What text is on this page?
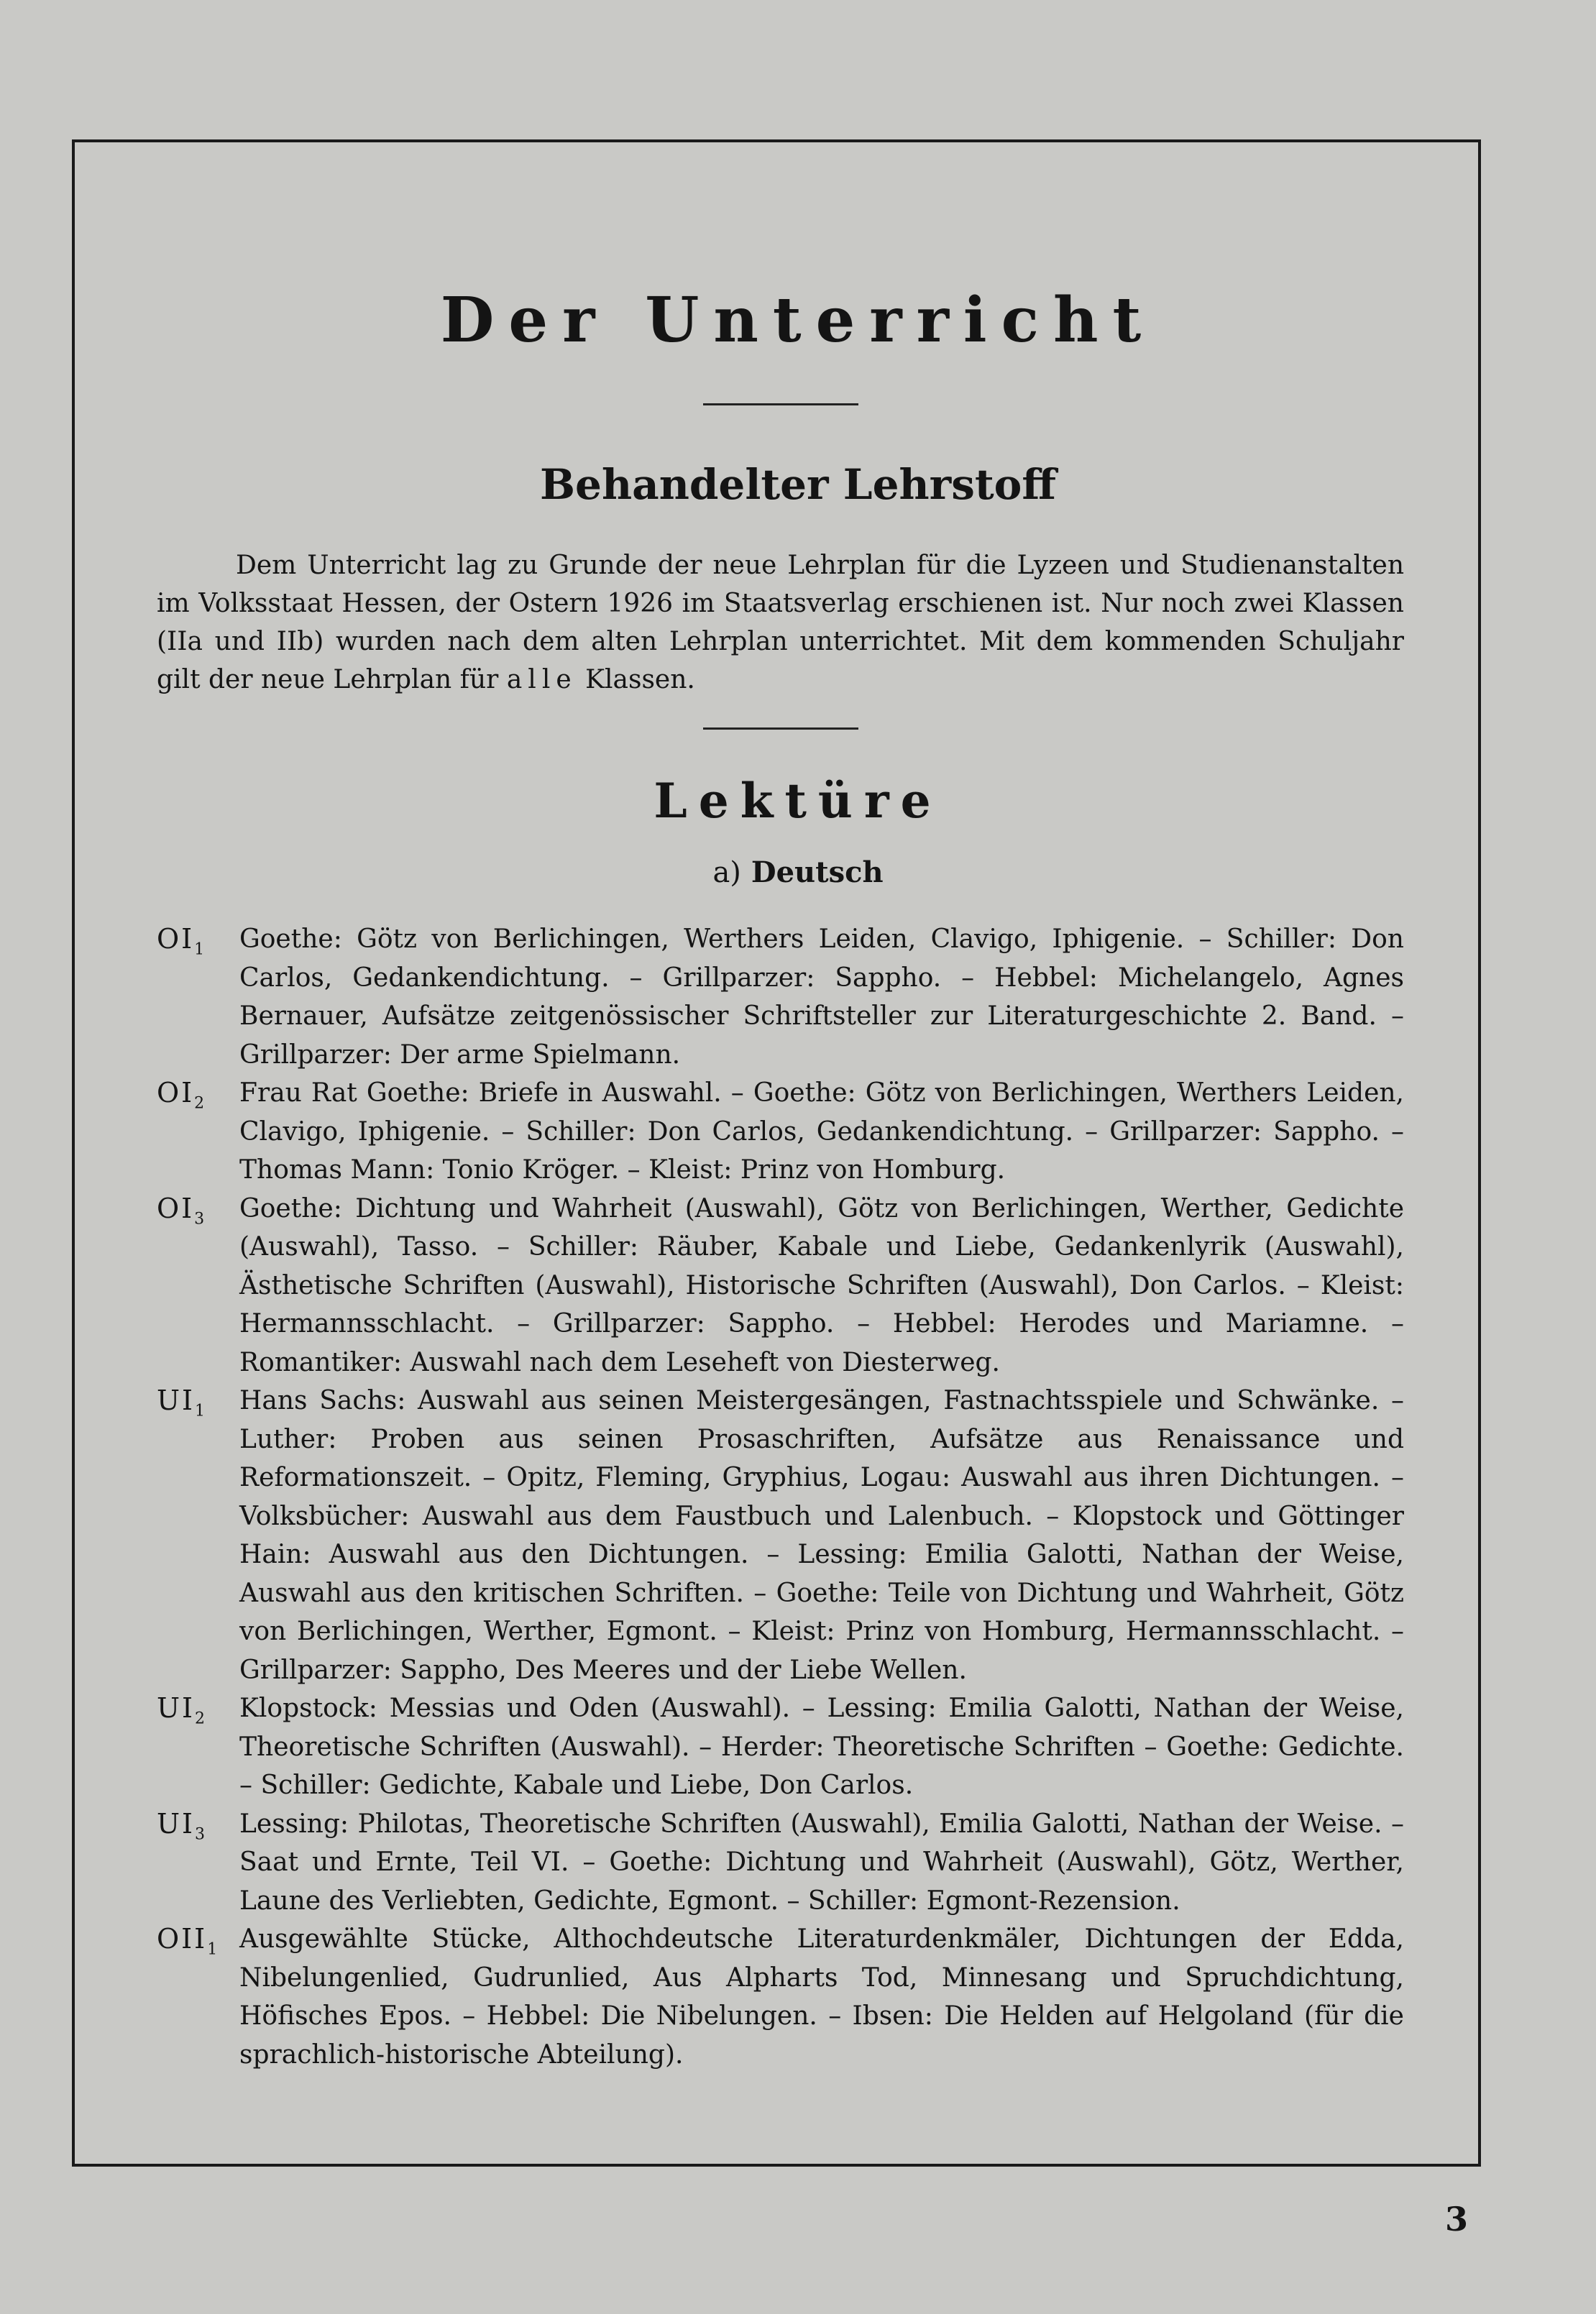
Der Unterricht
Behandelter Lehrstoff

Dem Unterricht lag zu Grunde der neue Lehrplan für die Lyzeen und Studienanstalten im Volksstaat Hessen, der Ostern 1926 im Staatsverlag erschienen ist. Nur noch zwei Klassen (IIa und IIb) wurden nach dem alten Lehrplan unterrichtet. Mit dem kommenden Schuljahr gilt der neue Lehrplan für alle Klassen.

Lektüre
a) Deutsch
$OI_1$	Goethe: Götz von Berlichingen, Werthers Leiden, Clavigo, Iphigenie. – Schiller: Don Carlos, Gedankendichtung. – Grillparzer: Sappho. – Hebbel: Michelangelo, Agnes Bernauer, Aufsätze zeitgenössischer Schriftsteller zur Literaturgeschichte 2. Band. – Grillparzer: Der arme Spielmann.
$OI_2$	Frau Rat Goethe: Briefe in Auswahl. – Goethe: Götz von Berlichingen, Werthers Leiden, Clavigo, Iphigenie. – Schiller: Don Carlos, Gedankendichtung. – Grillparzer: Sappho. – Thomas Mann: Tonio Kröger. – Kleist: Prinz von Homburg.
$OI_3$	Goethe: Dichtung und Wahrheit (Auswahl), Götz von Berlichingen, Werther, Gedichte (Auswahl), Tasso. – Schiller: Räuber, Kabale und Liebe, Gedankenlyrik (Auswahl), Ästhetische Schriften (Auswahl), Historische Schriften (Auswahl), Don Carlos. – Kleist: Hermannsschlacht. – Grillparzer: Sappho. – Hebbel: Herodes und Mariamne. – Romantiker: Auswahl nach dem Leseheft von Diesterweg.
$UI_1$	Hans Sachs: Auswahl aus seinen Meistergesängen, Fastnachtsspiele und Schwänke. – Luther: Proben aus seinen Prosaschriften, Aufsätze aus Renaissance und Reformationszeit. – Opitz, Fleming, Gryphius, Logau: Auswahl aus ihren Dichtungen. – Volksbücher: Auswahl aus dem Faustbuch und Lalenbuch. – Klopstock und Göttinger Hain: Auswahl aus den Dichtungen. – Lessing: Emilia Galotti, Nathan der Weise, Auswahl aus den kritischen Schriften. – Goethe: Teile von Dichtung und Wahrheit, Götz von Berlichingen, Werther, Egmont. – Kleist: Prinz von Homburg, Hermannsschlacht. – Grillparzer: Sappho, Des Meeres und der Liebe Wellen.
$UI_2$	Klopstock: Messias und Oden (Auswahl). – Lessing: Emilia Galotti, Nathan der Weise, Theoretische Schriften (Auswahl). – Herder: Theoretische Schriften – Goethe: Gedichte. – Schiller: Gedichte, Kabale und Liebe, Don Carlos.
$UI_3$	Lessing: Philotas, Theoretische Schriften (Auswahl), Emilia Galotti, Nathan der Weise. – Saat und Ernte, Teil VI. – Goethe: Dichtung und Wahrheit (Auswahl), Götz, Werther, Laune des Verliebten, Gedichte, Egmont. – Schiller: Egmont-Rezension.
$OII_1$ Ausgewählte Stücke, Althochdeutsche Literaturdenkmäler, Dichtungen der Edda, Nibelungenlied, Gudrunlied, Aus Alpharts Tod, Minnesang und Spruchdichtung, Höfisches Epos. – Hebbel: Die Nibelungen. – Ibsen: Die Helden auf Helgoland (für die sprachlich-historische Abteilung).
3
